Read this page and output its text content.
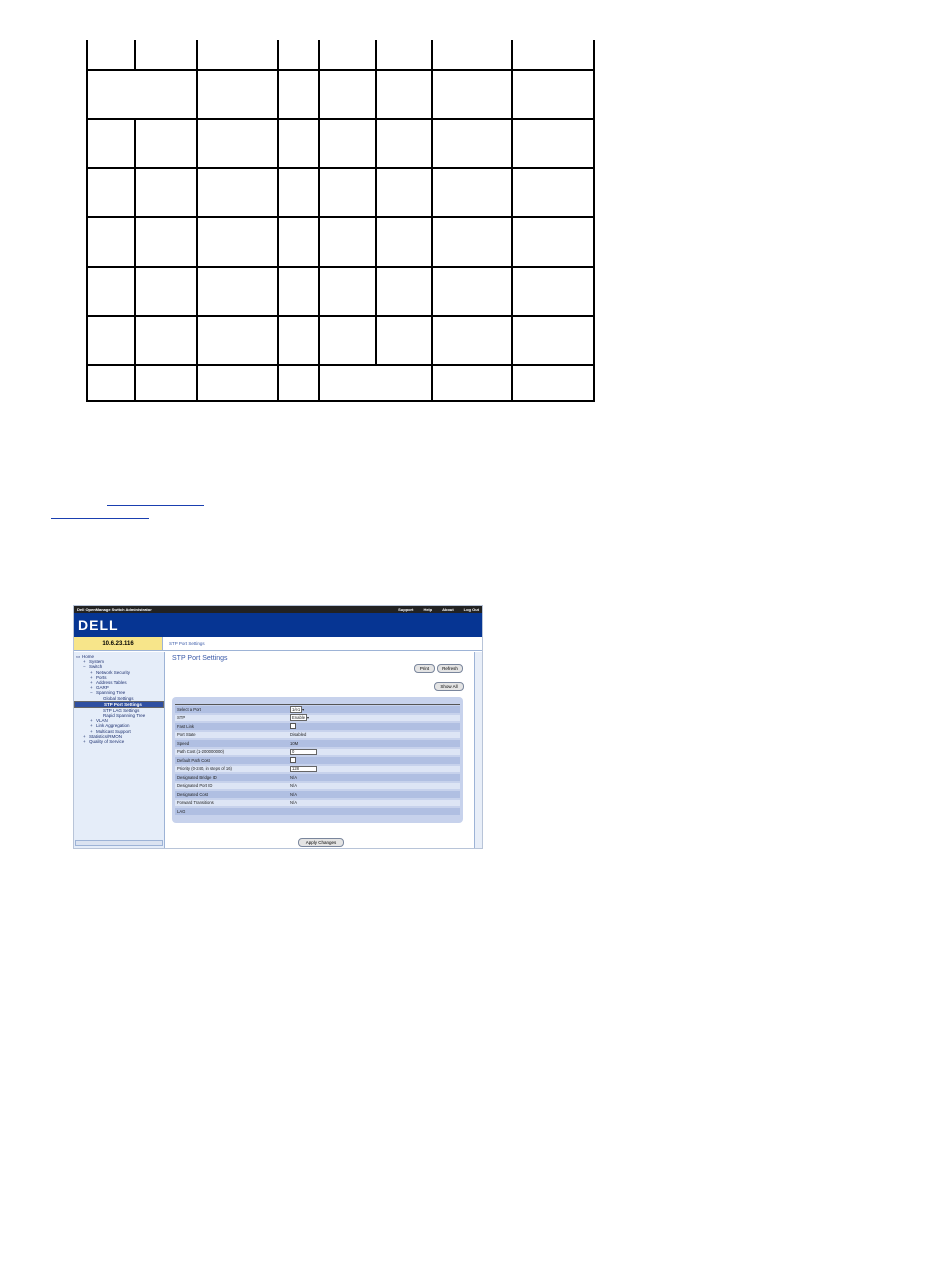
Dell OpenManage Switch Administrator	Support	Help	About	Log Out
DELL
10.6.23.116	STP Port Settings
▭ Home
+ System
− Switch
+ Network Security
+ Ports
+ Address Tables
+ GARP
− Spanning Tree
Global Settings
STP Port Settings
STP LAG Settings
Rapid Spanning Tree
+ VLAN
+ Link Aggregation
+ Multicast Support
+ Statistics/RMON
+ Quality of Service
STP Port Settings
Print	Refresh
Show All
Select a Port	1/e1 ▾
STP	Enable ▾
Fast Link
Port State	Disabled
Speed	10M
Path Cost (1-200000000)	0
Default Path Cost
Priority (0-240, in steps of 16)	128
Designated Bridge ID	N/A
Designated Port ID	N/A
Designated Cost	N/A
Forward Transitions	N/A
LAG
Apply Changes
